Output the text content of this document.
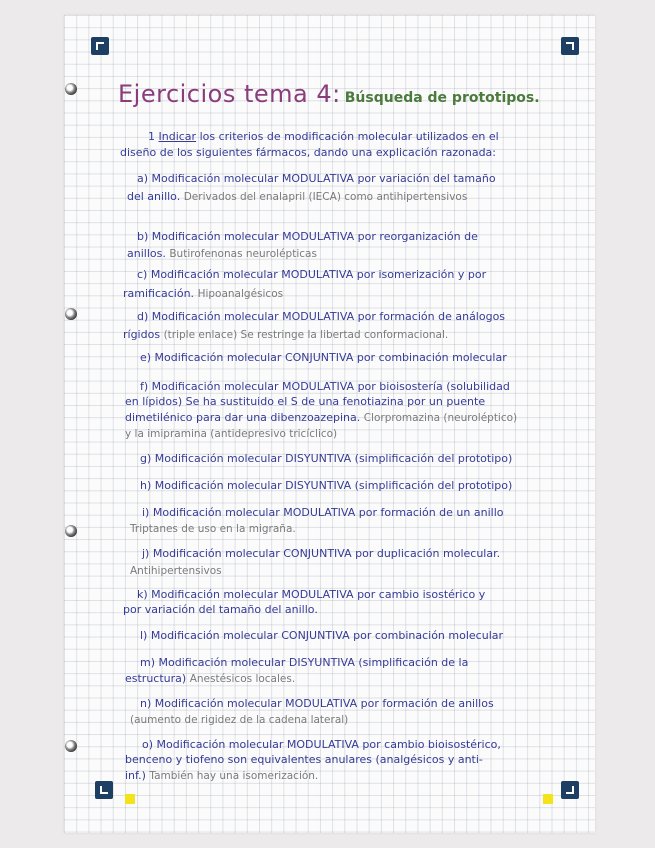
Ejercicios tema 4: Búsqueda de prototipos.
1 Indicar los criterios de modificación molecular utilizados en el
diseño de los siguientes fármacos, dando una explicación razonada:
a) Modificación molecular MODULATIVA por variación del tamaño
del anillo. Derivados del enalapril (IECA) como antihipertensivos
b) Modificación molecular MODULATIVA por reorganización de
anillos. Butirofenonas neurolépticas
c) Modificación molecular MODULATIVA por isomerización y por
ramificación. Hipoanalgésicos
d) Modificación molecular MODULATIVA por formación de análogos
rígidos (triple enlace) Se restringe la libertad conformacional.
e) Modificación molecular CONJUNTIVA por combinación molecular
f) Modificación molecular MODULATIVA por bioisostería (solubilidad
en lípidos) Se ha sustituido el S de una fenotiazina por un puente
dimetilénico para dar una dibenzoazepina. Clorpromazina (neuroléptico)
y la imipramina (antidepresivo tricíclico)
g) Modificación molecular DISYUNTIVA (simplificación del prototipo)
h) Modificación molecular DISYUNTIVA (simplificación del prototipo)
i) Modificación molecular MODULATIVA por formación de un anillo
Triptanes de uso en la migraña.
j) Modificación molecular CONJUNTIVA por duplicación molecular.
Antihipertensivos
k) Modificación molecular MODULATIVA por cambio isostérico y
por variación del tamaño del anillo.
l) Modificación molecular CONJUNTIVA por combinación molecular
m) Modificación molecular DISYUNTIVA (simplificación de la
estructura) Anestésicos locales.
n) Modificación molecular MODULATIVA por formación de anillos
(aumento de rigidez de la cadena lateral)
o) Modificación molecular MODULATIVA por cambio bioisostérico,
benceno y tiofeno son equivalentes anulares (analgésicos y anti-
inf.) También hay una isomerización.
